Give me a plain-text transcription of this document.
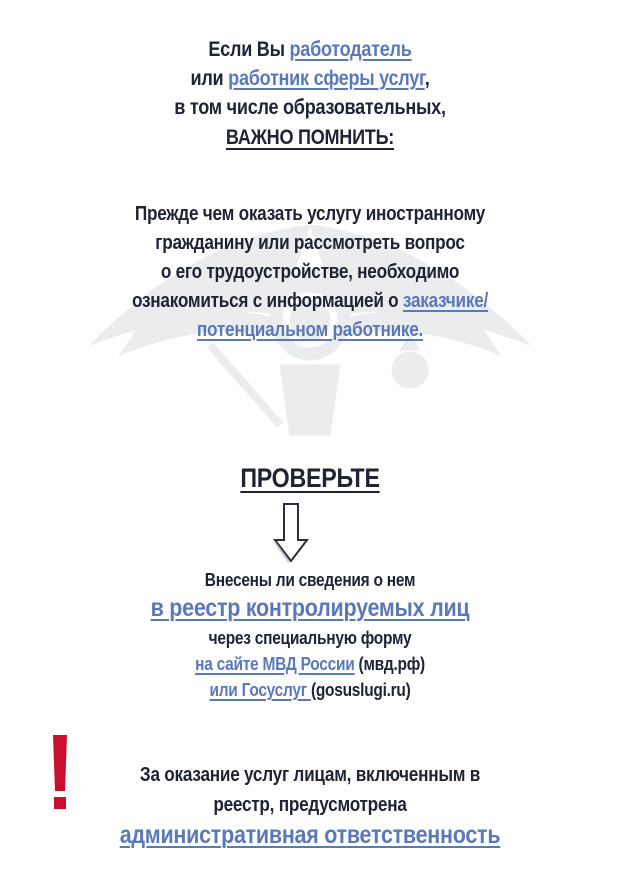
Если Вы работодатель
или работник сферы услуг,
в том числе образовательных,
ВАЖНО ПОМНИТЬ:
Прежде чем оказать услугу иностранному
гражданину или рассмотреть вопрос
о его трудоустройстве, необходимо
ознакомиться с информацией о заказчике/
потенциальном работнике.
ПРОВЕРЬТЕ
Внесены ли сведения о нем
в реестр контролируемых лиц
через специальную форму
на сайте МВД России (мвд.рф)
или Госуслуг (gosuslugi.ru)
За оказание услуг лицам, включенным в
реестр, предусмотрена
административная ответственность
